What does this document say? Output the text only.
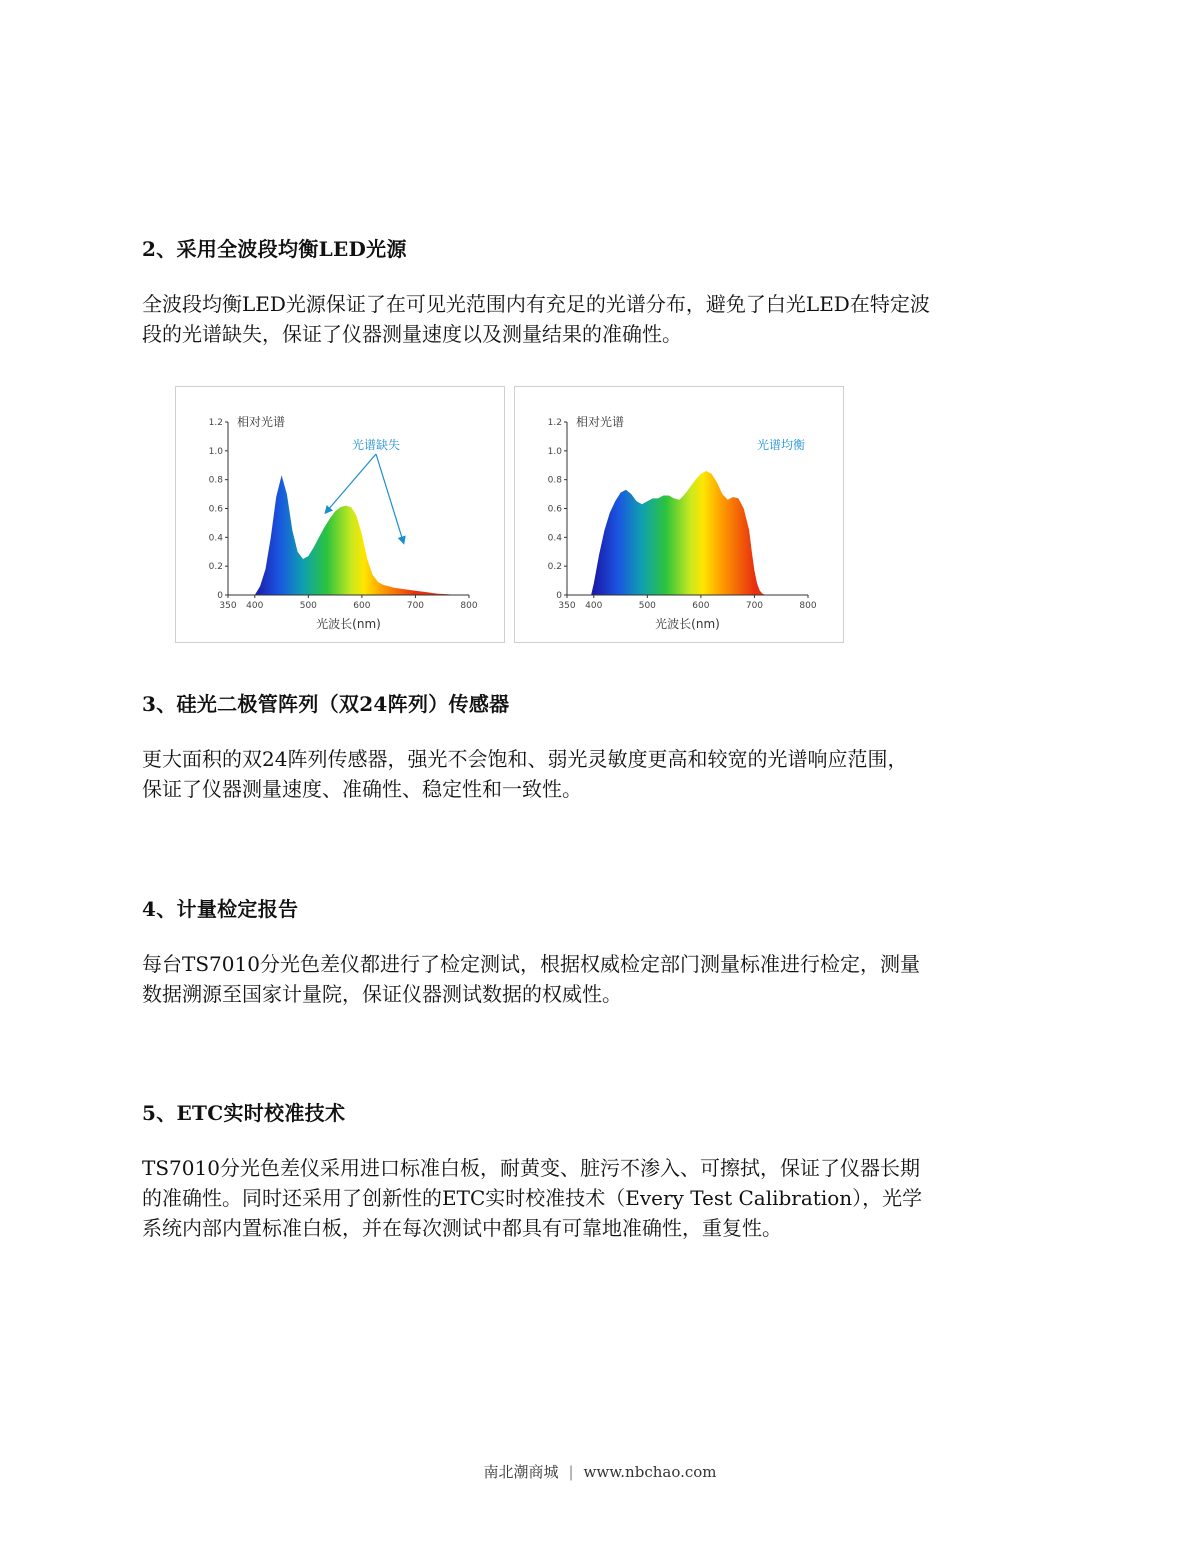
2、采用全波段均衡LED光源

全波段均衡LED光源保证了在可见光范围内有充足的光谱分布，避免了白光LED在特定波
段的光谱缺失，保证了仪器测量速度以及测量结果的准确性。

0
0.2
0.4
0.6
0.8
1.0
1.2
350 400	500	600	700	800
相对光谱
光波长(nm)
光谱缺失
0
0.2
0.4
0.6
0.8
1.0
1.2
350 400	500	600	700	800
相对光谱
光波长(nm)
光谱均衡
3、硅光二极管阵列（双24阵列）传感器

更大面积的双24阵列传感器，强光不会饱和、弱光灵敏度更高和较宽的光谱响应范围，
保证了仪器测量速度、准确性、稳定性和一致性。

4、计量检定报告

每台TS7010分光色差仪都进行了检定测试，根据权威检定部门测量标准进行检定，测量
数据溯源至国家计量院，保证仪器测试数据的权威性。

5、ETC实时校准技术

TS7010分光色差仪采用进口标准白板，耐黄变、脏污不渗入、可擦拭，保证了仪器长期
的准确性。同时还采用了创新性的ETC实时校准技术（Every Test Calibration），光学
系统内部内置标准白板，并在每次测试中都具有可靠地准确性，重复性。

南北潮商城 | www.nbchao.com
